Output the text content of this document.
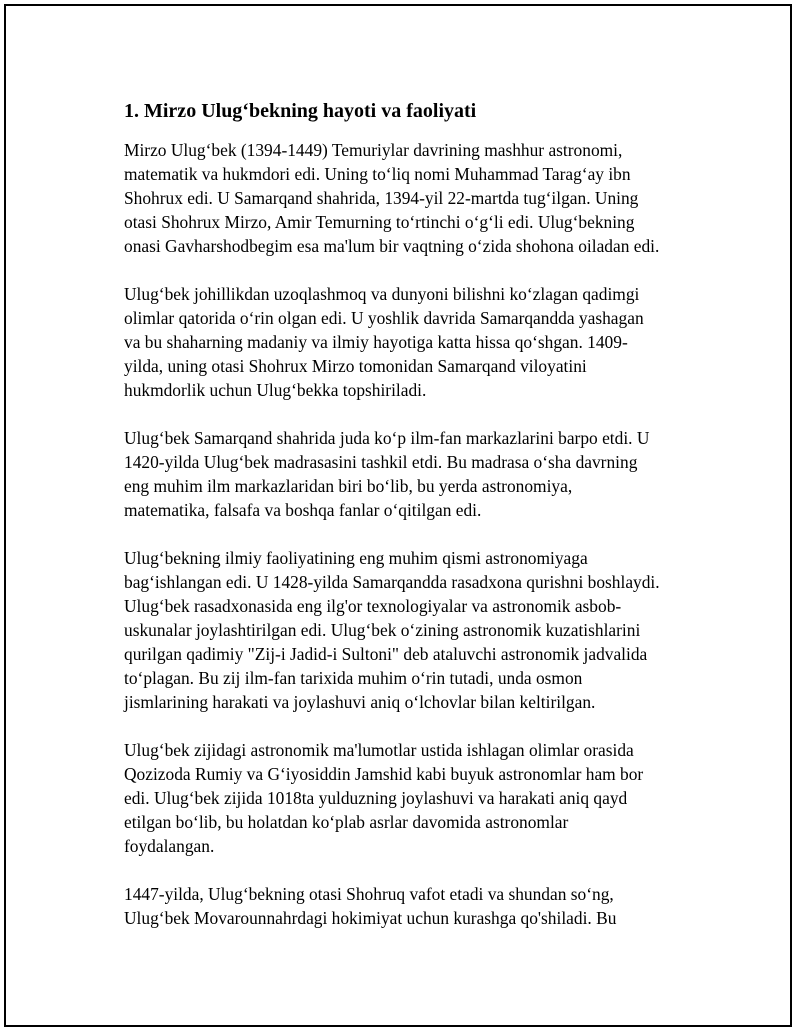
1. Mirzo Ulug‘bekning hayoti va faoliyati

Mirzo Ulug‘bek (1394-1449) Temuriylar davrining mashhur astronomi,
matematik va hukmdori edi. Uning to‘liq nomi Muhammad Tarag‘ay ibn
Shohrux edi. U Samarqand shahrida, 1394-yil 22-martda tug‘ilgan. Uning
otasi Shohrux Mirzo, Amir Temurning to‘rtinchi o‘g‘li edi. Ulug‘bekning
onasi Gavharshodbegim esa ma'lum bir vaqtning o‘zida shohona oiladan edi.

Ulug‘bek johillikdan uzoqlashmoq va dunyoni bilishni ko‘zlagan qadimgi
olimlar qatorida o‘rin olgan edi. U yoshlik davrida Samarqandda yashagan
va bu shaharning madaniy va ilmiy hayotiga katta hissa qo‘shgan. 1409-
yilda, uning otasi Shohrux Mirzo tomonidan Samarqand viloyatini
hukmdorlik uchun Ulug‘bekka topshiriladi.

Ulug‘bek Samarqand shahrida juda ko‘p ilm-fan markazlarini barpo etdi. U
1420-yilda Ulug‘bek madrasasini tashkil etdi. Bu madrasa o‘sha davrning
eng muhim ilm markazlaridan biri bo‘lib, bu yerda astronomiya,
matematika, falsafa va boshqa fanlar o‘qitilgan edi.

Ulug‘bekning ilmiy faoliyatining eng muhim qismi astronomiyaga
bag‘ishlangan edi. U 1428-yilda Samarqandda rasadxona qurishni boshlaydi.
Ulug‘bek rasadxonasida eng ilg'or texnologiyalar va astronomik asbob-
uskunalar joylashtirilgan edi. Ulug‘bek o‘zining astronomik kuzatishlarini
qurilgan qadimiy "Zij-i Jadid-i Sultoni" deb ataluvchi astronomik jadvalida
to‘plagan. Bu zij ilm-fan tarixida muhim o‘rin tutadi, unda osmon
jismlarining harakati va joylashuvi aniq o‘lchovlar bilan keltirilgan.

Ulug‘bek zijidagi astronomik ma'lumotlar ustida ishlagan olimlar orasida
Qozizoda Rumiy va G‘iyosiddin Jamshid kabi buyuk astronomlar ham bor
edi. Ulug‘bek zijida 1018ta yulduzning joylashuvi va harakati aniq qayd
etilgan bo‘lib, bu holatdan ko‘plab asrlar davomida astronomlar
foydalangan.

1447-yilda, Ulug‘bekning otasi Shohruq vafot etadi va shundan so‘ng,
Ulug‘bek Movarounnahrdagi hokimiyat uchun kurashga qo'shiladi. Bu
